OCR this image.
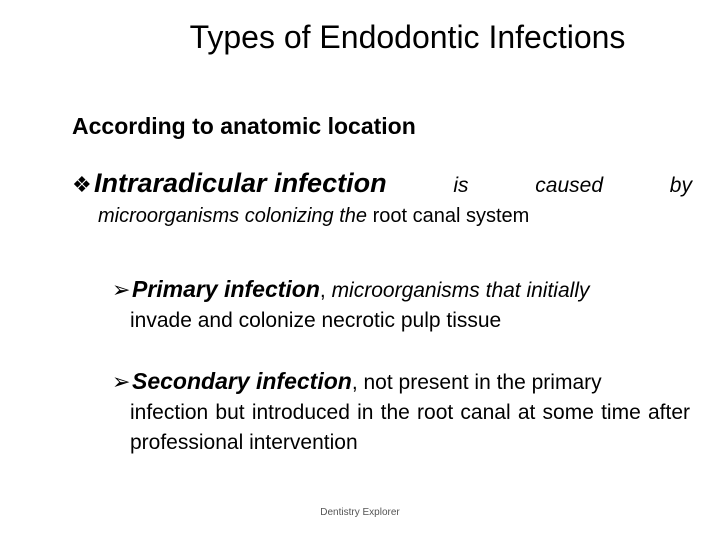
Types of Endodontic Infections
According to anatomic location
❖ Intraradicular infection	is	caused	by
microorganisms colonizing the root canal system
➢ Primary infection , microorganisms that initially
invade and colonize necrotic pulp tissue
➢ Secondary infection , not present in the primary
infection but introduced in the root canal at some time after professional intervention
Dentistry Explorer
